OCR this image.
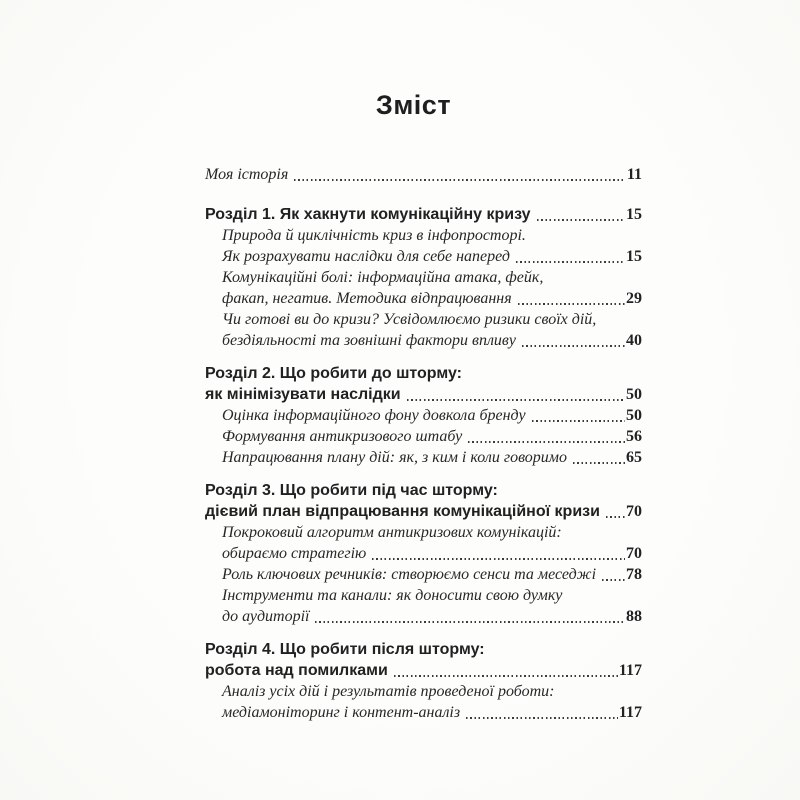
Зміст
Моя історія	11
Розділ 1. Як хакнути комунікаційну кризу	15
Природа й циклічність криз в інфопросторі.
Як розрахувати наслідки для себе наперед	15
Комунікаційні болі: інформаційна атака, фейк,
факап, негатив. Методика відпрацювання	29
Чи готові ви до кризи? Усвідомлюємо ризики своїх дій,
бездіяльності та зовнішні фактори впливу	40
Розділ 2. Що робити до шторму:
як мінімізувати наслідки	50
Оцінка інформаційного фону довкола бренду	50
Формування антикризового штабу	56
Напрацювання плану дій: як, з ким і коли говоримо	65
Розділ 3. Що робити під час шторму:
дієвий план відпрацювання комунікаційної кризи 70
Покроковий алгоритм антикризових комунікацій:
обираємо стратегію	70
Роль ключових речників: створюємо сенси та меседжі 78
Інструменти та канали: як доносити свою думку
до аудиторії	88
Розділ 4. Що робити після шторму:
робота над помилками	117
Аналіз усіх дій і результатів проведеної роботи:
медіамоніторинг і контент-аналіз	117
